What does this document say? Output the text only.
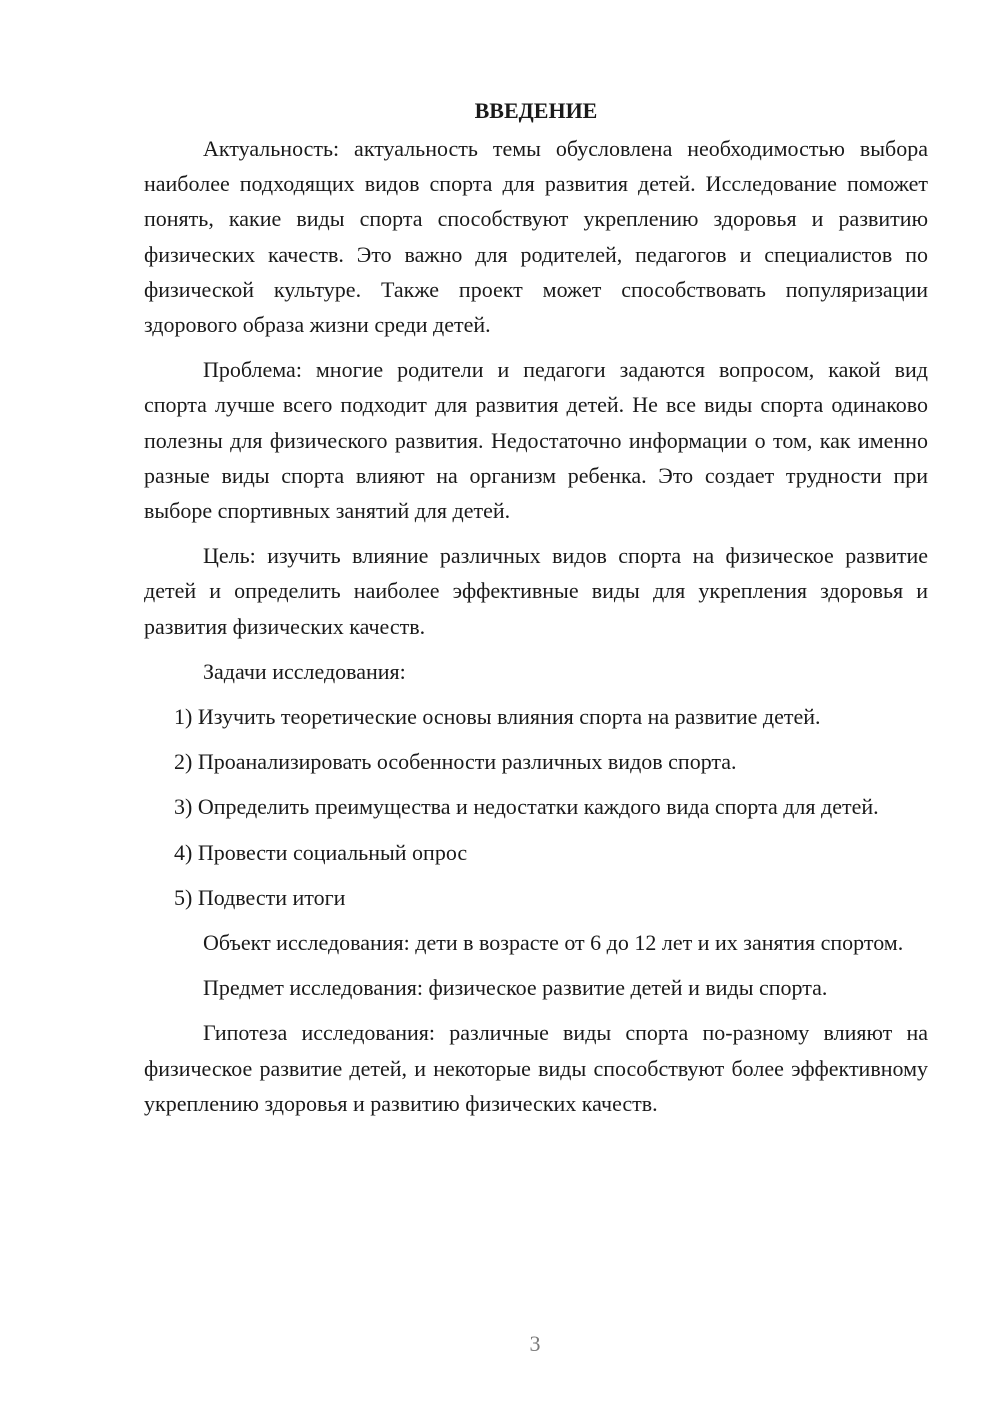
ВВЕДЕНИЕ

Актуальность: актуальность темы обусловлена необходимостью выбора наиболее подходящих видов спорта для развития детей. Исследование поможет понять, какие виды спорта способствуют укреплению здоровья и развитию физических качеств. Это важно для родителей, педагогов и специалистов по физической культуре. Также проект может способствовать популяризации здорового образа жизни среди детей.

Проблема: многие родители и педагоги задаются вопросом, какой вид спорта лучше всего подходит для развития детей. Не все виды спорта одинаково полезны для физического развития. Недостаточно информации о том, как именно разные виды спорта влияют на организм ребенка. Это создает трудности при выборе спортивных занятий для детей.

Цель: изучить влияние различных видов спорта на физическое развитие детей и определить наиболее эффективные виды для укрепления здоровья и развития физических качеств.

Задачи исследования:

1) Изучить теоретические основы влияния спорта на развитие детей.

2) Проанализировать особенности различных видов спорта.

3) Определить преимущества и недостатки каждого вида спорта для детей.

4) Провести социальный опрос

5) Подвести итоги

Объект исследования: дети в возрасте от 6 до 12 лет и их занятия спортом.

Предмет исследования: физическое развитие детей и виды спорта.

Гипотеза исследования: различные виды спорта по-разному влияют на физическое развитие детей, и некоторые виды способствуют более эффективному укреплению здоровья и развитию физических качеств.

3
